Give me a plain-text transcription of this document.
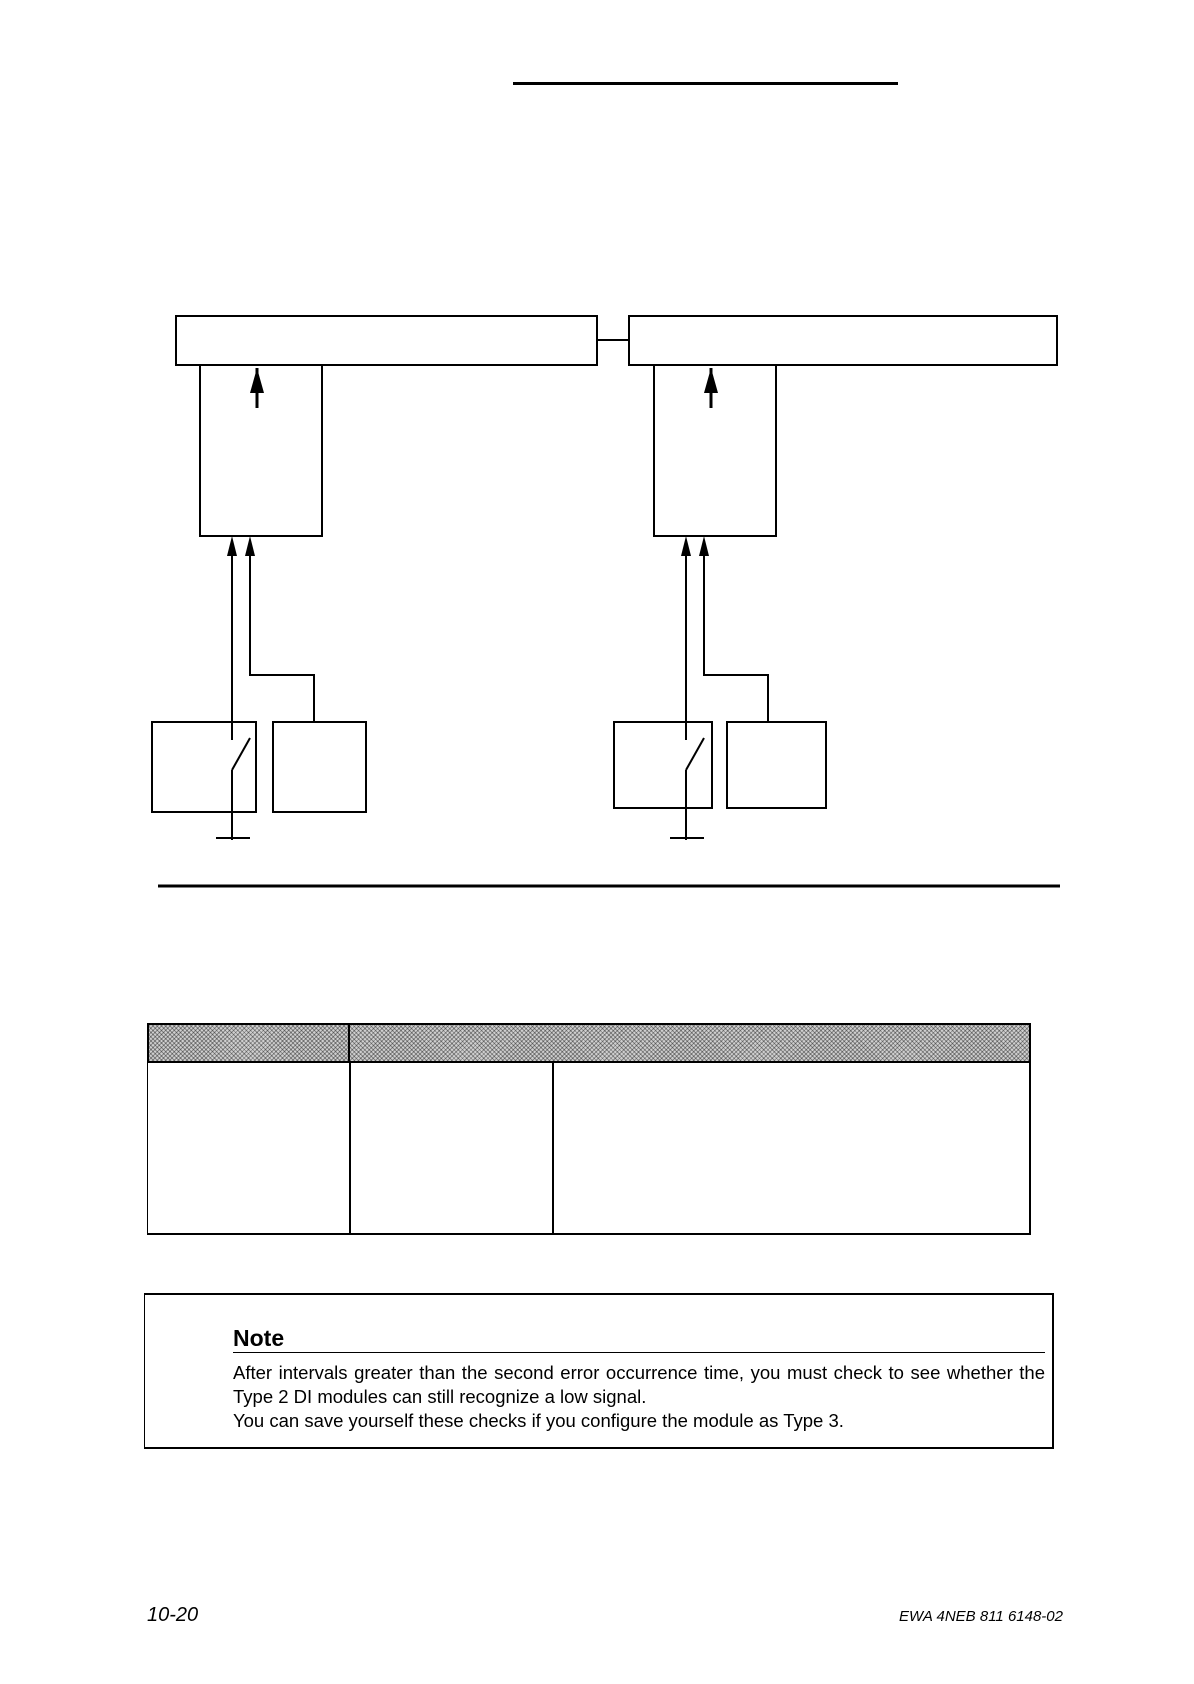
Note
After intervals greater than the second error occurrence time, you must check to see whether the Type 2 DI modules can still recognize a low signal.
You can save yourself these checks if you configure the module as Type 3.
10-20	EWA 4NEB 811 6148-02
